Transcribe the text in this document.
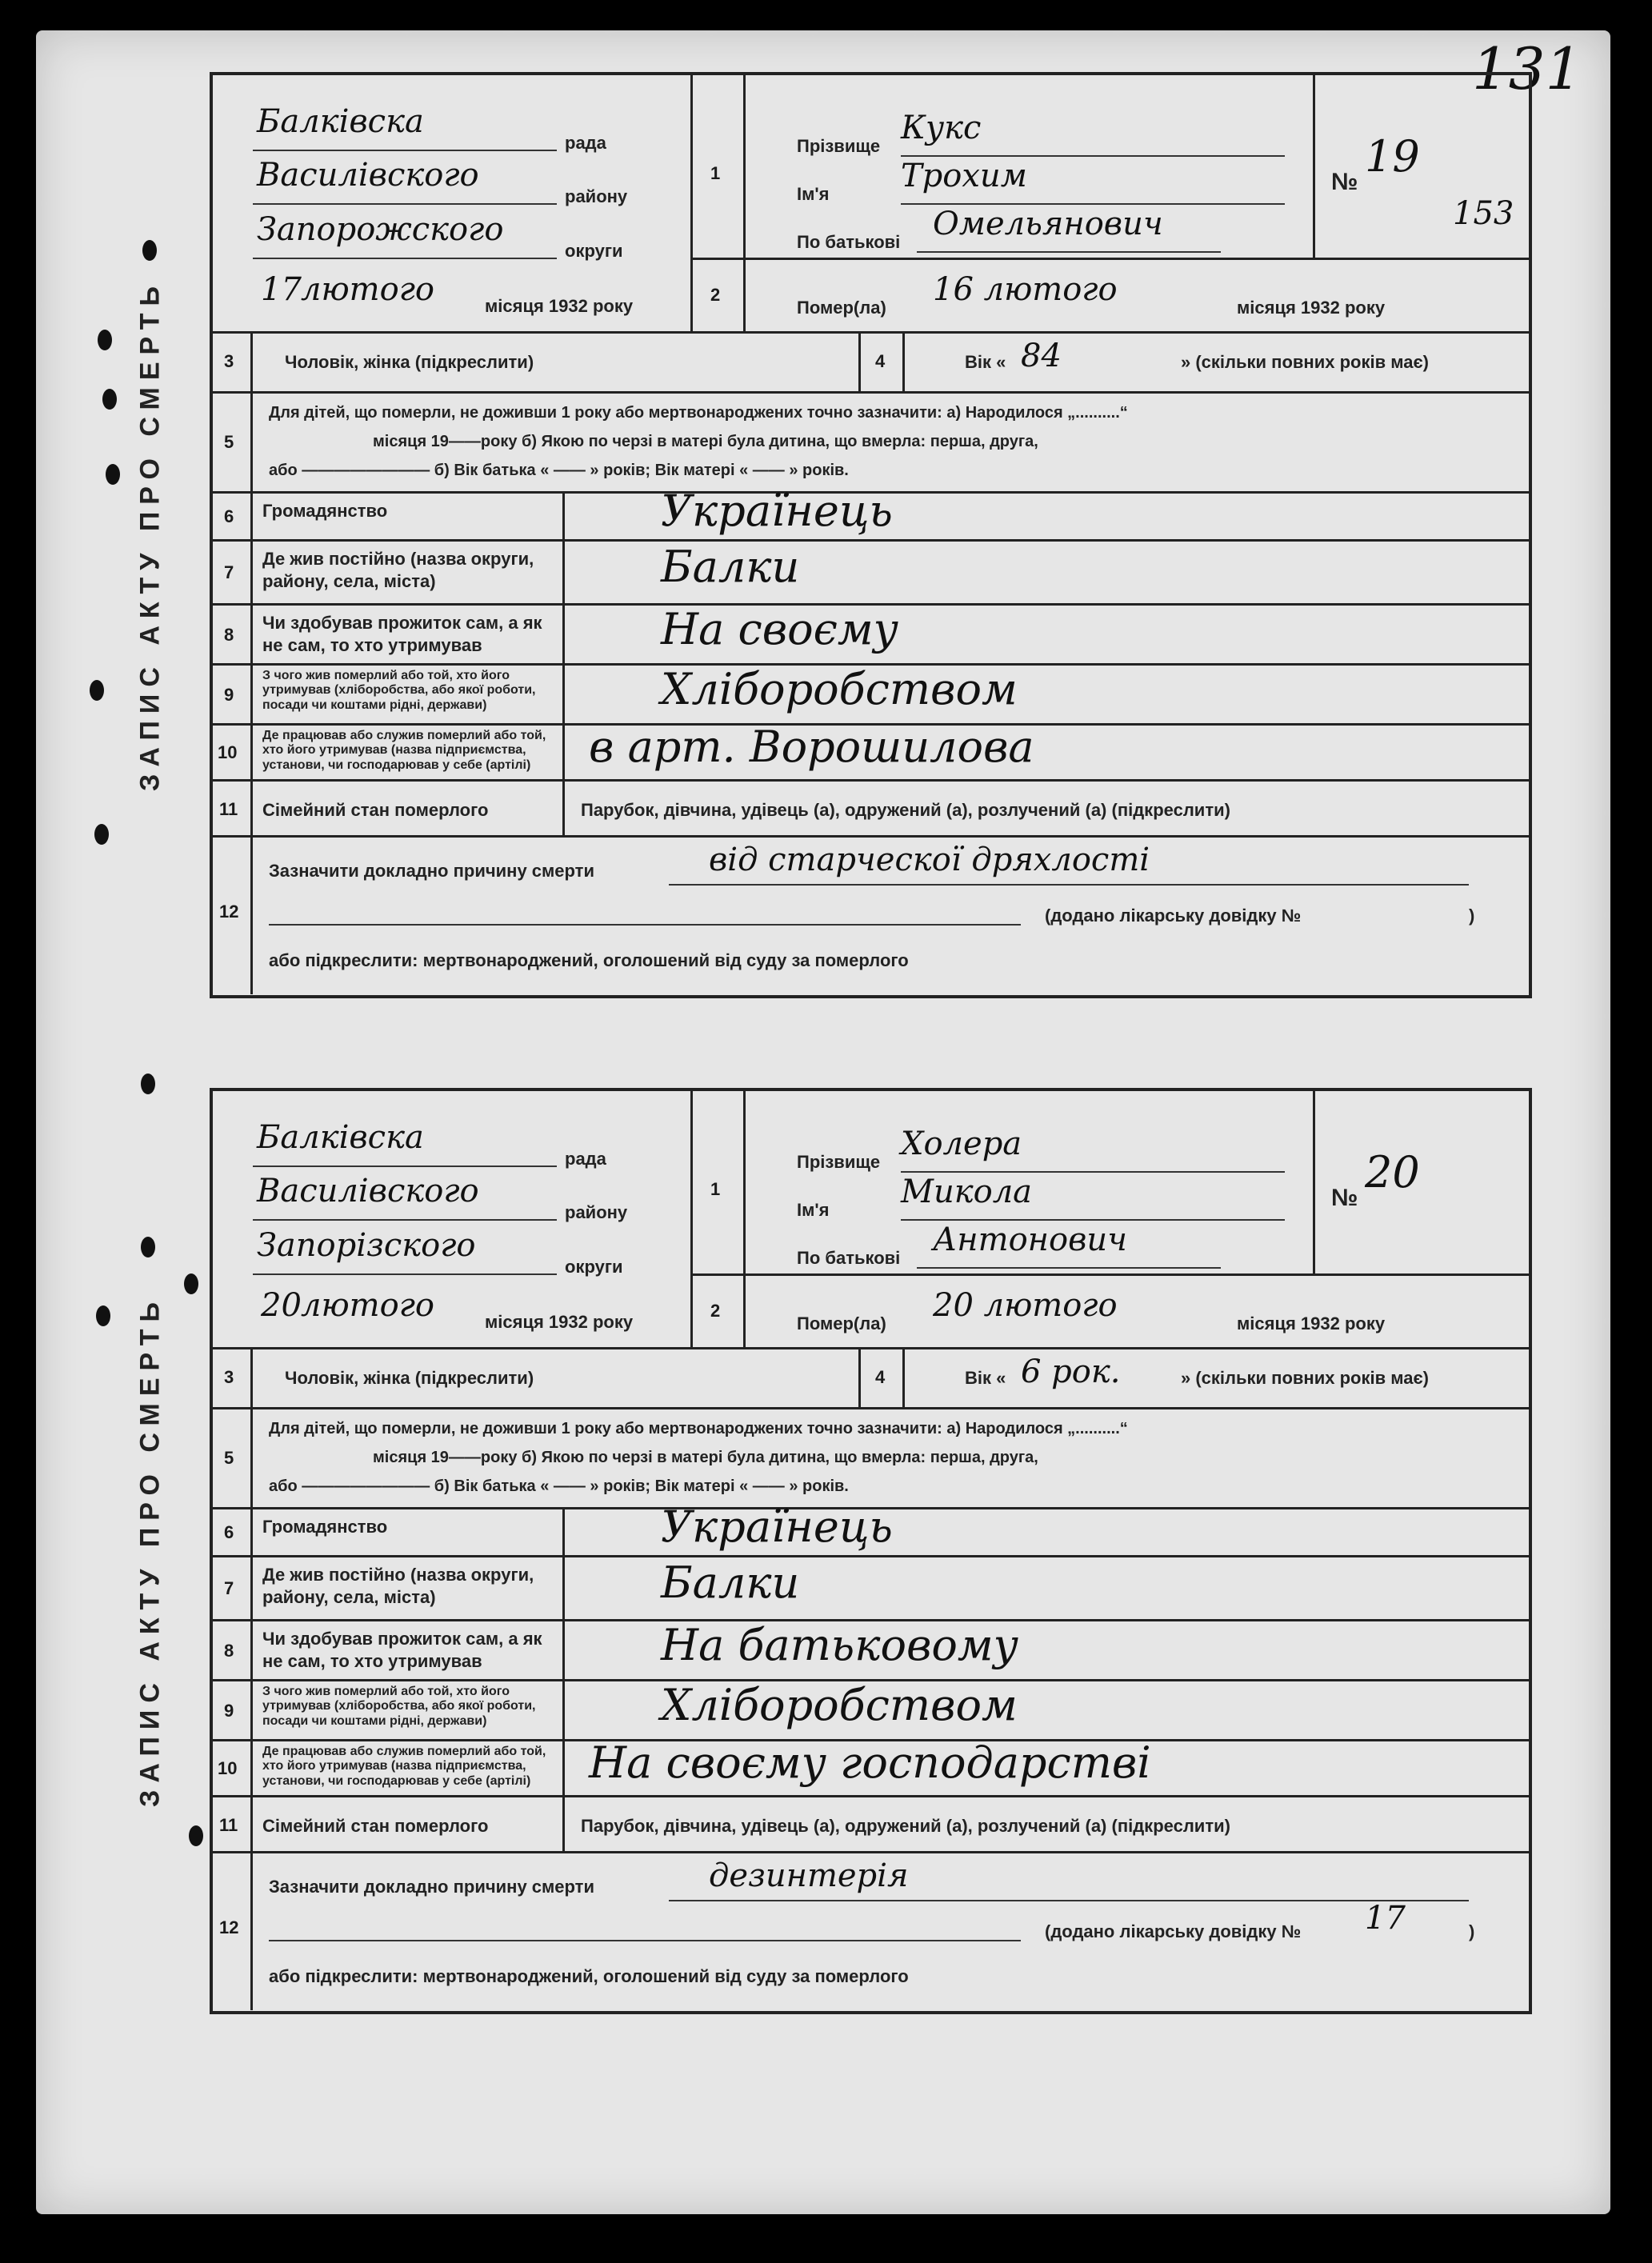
131
ЗАПИС АКТУ ПРО СМЕРТЬ
Балківска
рада
Василівского
району
Запорожского
округи
17 лютого	місяця 1932 року
1
2
Прізвище Кукс
Ім'я Трохим
По батькові Омельянович
Помер(ла) 16 лютого	місяця 1932 року
№
19
153
3	Чоловік, жінка (підкреслити)	4	Вік « 84	» (скільки повних років має)
5
Для дітей, що померли, не доживши 1 року або мертвонароджених точно зазначити: а) Народилося „..........“
місяця 19——року б) Якою по черзі в матері була дитина, що вмерла: перша, друга,
або ———————— б) Вік батька « —— » років; Вік матері « —— » років.
6 Громадянство	Українець
7
Де жив постійно (назва округи, району, села, міста)	Балки
8
Чи здобував прожиток сам, а як не сам, то хто утримував	На своєму
9
З чого жив померлий або той, хто його утримував (хліборобства, або якої роботи, посади чи коштами рідні, держави)	Хліборобством
10
Де працював або служив померлий або той, хто його утримував (назва підприємства, установи, чи господарював у себе (артілі)	в арт. Ворошилова
11 Сімейний стан померлого	Парубок, дівчина, удівець (а), одружений (а), розлучений (а) (підкреслити)
12
Зазначити докладно причину смерти	від старческої дряхлості
(додано лікарську довідку №	)
або підкреслити: мертвонароджений, оголошений від суду за померлого
ЗАПИС АКТУ ПРО СМЕРТЬ
Балківска
рада
Василівского
району
Запорізского
округи
20 лютого	місяця 1932 року
1
2
Прізвище Холера
Ім'я Микола
По батькові Антонович
Помер(ла) 20 лютого	місяця 1932 року
№
20
3	Чоловік, жінка (підкреслити)	4	Вік « 6 рок.	» (скільки повних років має)
5
Для дітей, що померли, не доживши 1 року або мертвонароджених точно зазначити: а) Народилося „..........“
місяця 19——року б) Якою по черзі в матері була дитина, що вмерла: перша, друга,
або ———————— б) Вік батька « —— » років; Вік матері « —— » років.
6 Громадянство	Українець
7
Де жив постійно (назва округи, району, села, міста)	Балки
8
Чи здобував прожиток сам, а як не сам, то хто утримував	На батьковому
9
З чого жив померлий або той, хто його утримував (хліборобства, або якої роботи, посади чи коштами рідні, держави)	Хліборобством
10
Де працював або служив померлий або той, хто його утримував (назва підприємства, установи, чи господарював у себе (артілі)	На своєму господарстві
11 Сімейний стан померлого	Парубок, дівчина, удівець (а), одружений (а), розлучений (а) (підкреслити)
12
Зазначити докладно причину смерти	дезинтерія
(додано лікарську довідку № 17	)
або підкреслити: мертвонароджений, оголошений від суду за померлого
